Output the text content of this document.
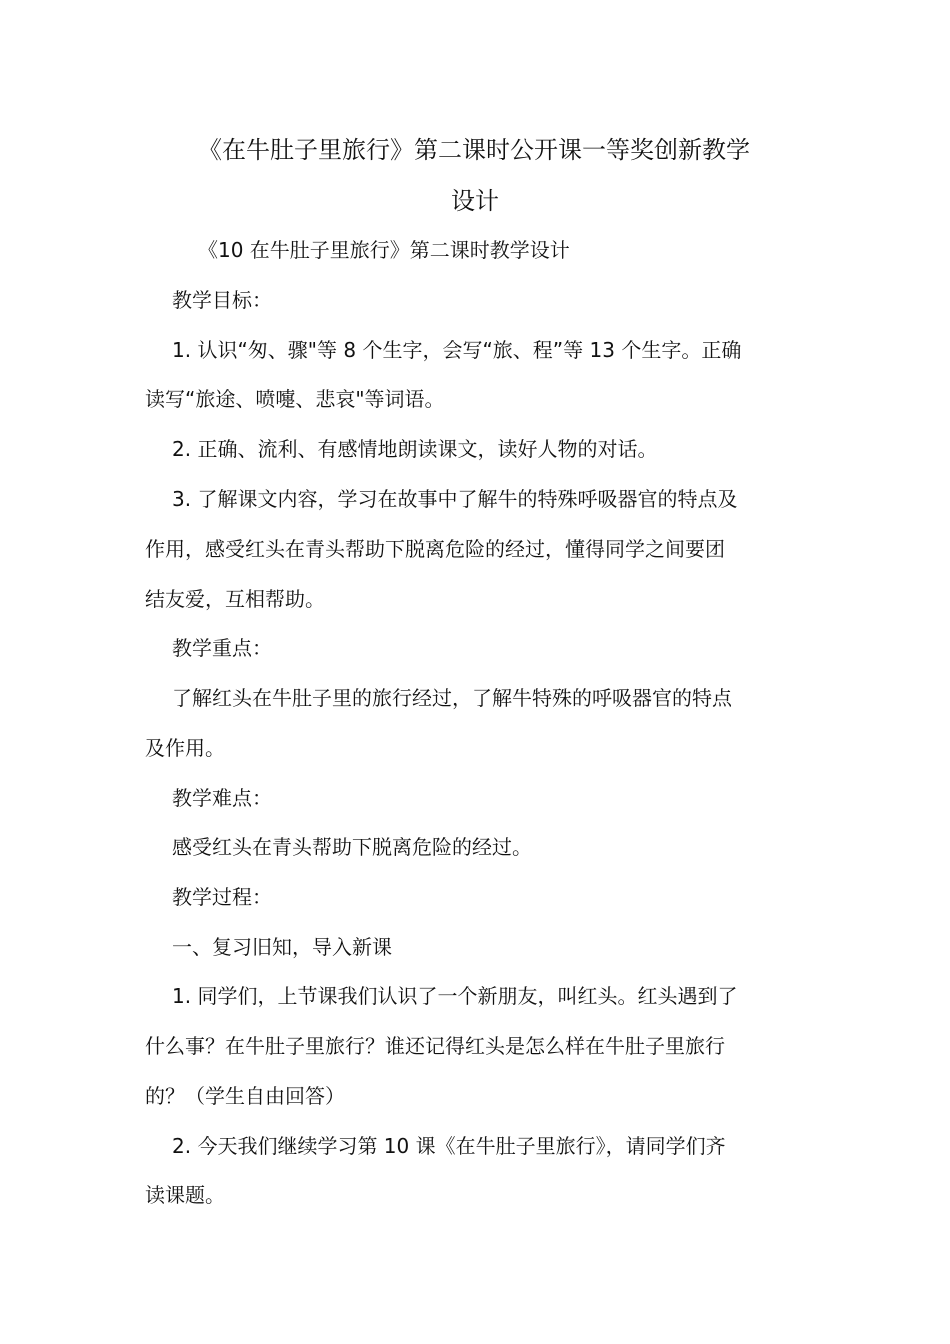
《在牛肚子里旅行》第二课时公开课一等奖创新教学
设计

《10 在牛肚子里旅行》第二课时教学设计

教学目标：

1. 认识“匆、骤"等 8 个生字，会写“旅、程”等 13 个生字。正确

读写“旅途、喷嚏、悲哀"等词语。

2. 正确、流利、有感情地朗读课文，读好人物的对话。

3. 了解课文内容，学习在故事中了解牛的特殊呼吸器官的特点及

作用，感受红头在青头帮助下脱离危险的经过，懂得同学之间要团

结友爱，互相帮助。

教学重点：

了解红头在牛肚子里的旅行经过，了解牛特殊的呼吸器官的特点

及作用。

教学难点：

感受红头在青头帮助下脱离危险的经过。

教学过程：

一、复习旧知，导入新课

1. 同学们，上节课我们认识了一个新朋友，叫红头。红头遇到了

什么事？在牛肚子里旅行？谁还记得红头是怎么样在牛肚子里旅行

的？（学生自由回答）

2. 今天我们继续学习第 10 课《在牛肚子里旅行》，请同学们齐

读课题。
